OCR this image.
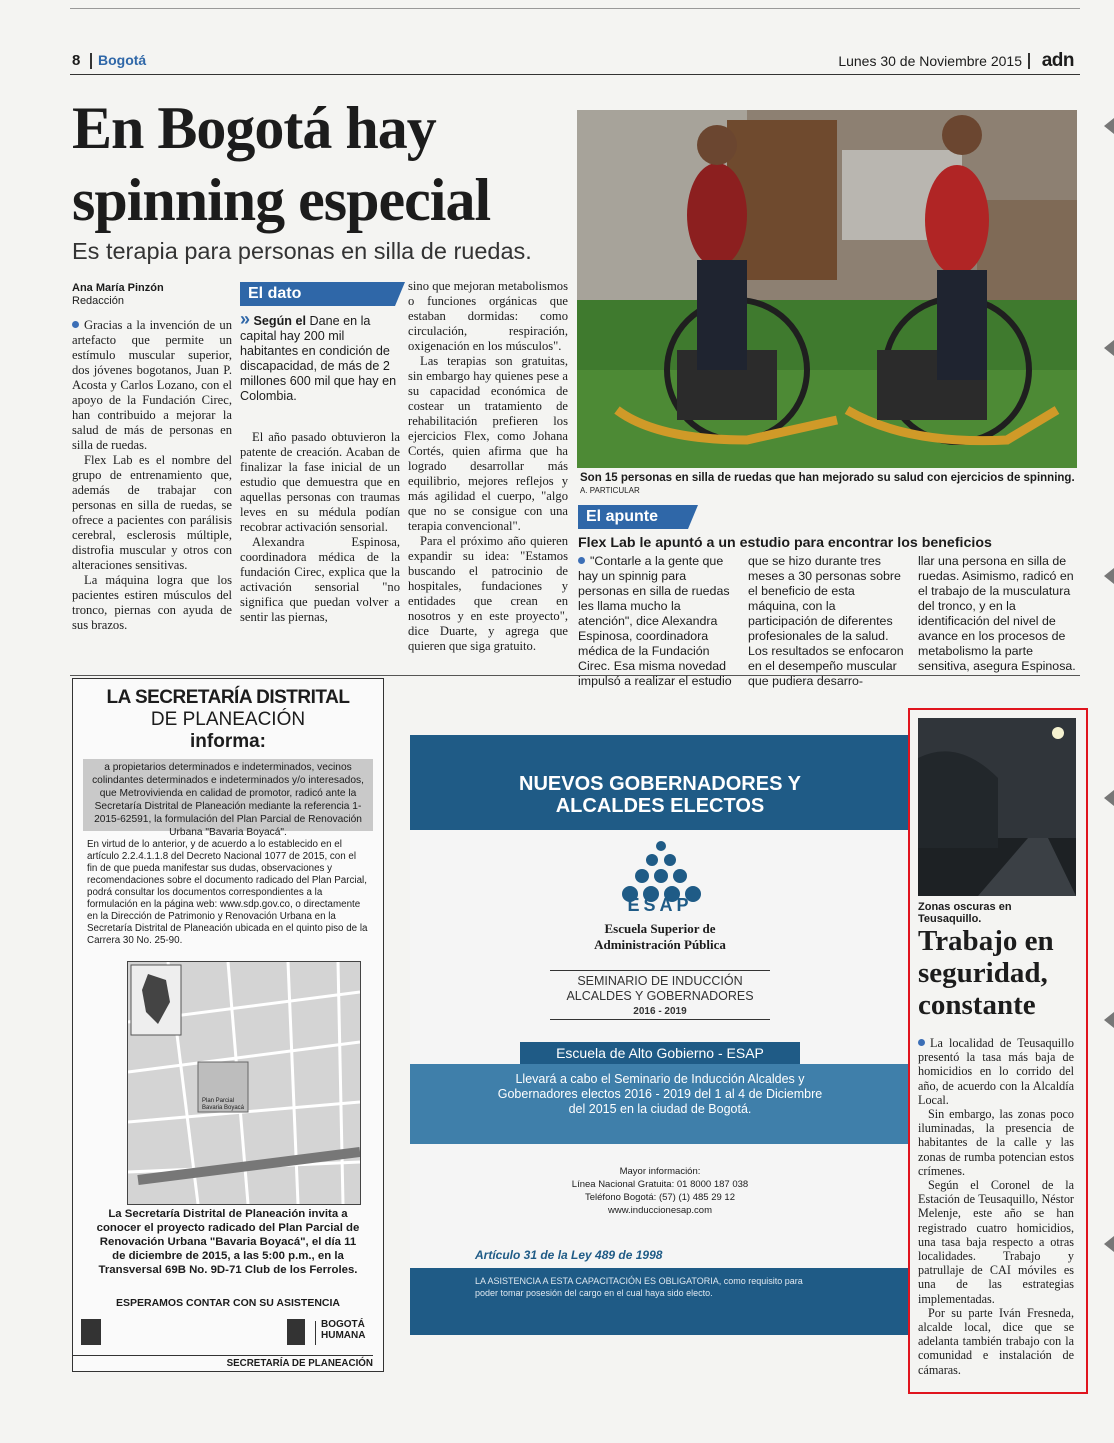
8 Bogotá	Lunes 30 de Noviembre 2015 adn
En Bogotá hay
spinning especial
Es terapia para personas en silla de ruedas.
Ana María Pinzón
Redacción

Gracias a la invención de un artefacto que permite un estímulo muscular superior, dos jóvenes bogotanos, Juan P. Acosta y Carlos Lozano, con el apoyo de la Fundación Cirec, han contribuido a mejorar la salud de más de personas en silla de ruedas.

Flex Lab es el nombre del grupo de entrenamiento que, además de trabajar con personas en silla de ruedas, se ofrece a pacientes con parálisis cerebral, esclerosis múltiple, distrofia muscular y otros con alteraciones sensitivas.

La máquina logra que los pacientes estiren músculos del tronco, piernas con ayuda de sus brazos.

El dato
» Según el Dane en la capital hay 200 mil habitantes en condición de discapacidad, de más de 2 millones 600 mil que hay en Colombia.

El año pasado obtuvieron la patente de creación. Acaban de finalizar la fase inicial de un estudio que demuestra que en aquellas personas con traumas leves en su médula podían recobrar activación sensorial.

Alexandra Espinosa, coordinadora médica de la fundación Cirec, explica que la activación sensorial "no significa que puedan volver a sentir las piernas,

sino que mejoran metabolismos o funciones orgánicas que estaban dormidas: como circulación, respiración, oxigenación en los músculos".

Las terapias son gratuitas, sin embargo hay quienes pese a su capacidad económica de costear un tratamiento de rehabilitación prefieren los ejercicios Flex, como Johana Cortés, quien afirma que ha logrado desarrollar más equilibrio, mejores reflejos y más agilidad el cuerpo, "algo que no se consigue con una terapia convencional".

Para el próximo año quieren expandir su idea: "Estamos buscando el patrocinio de hospitales, fundaciones y entidades que crean en nosotros y en este proyecto", dice Duarte, y agrega que quieren que siga gratuito.

Son 15 personas en silla de ruedas que han mejorado su salud con ejercicios de spinning. A. PARTICULAR
El apunte
Flex Lab le apuntó a un estudio para encontrar los beneficios
"Contarle a la gente que hay un spinnig para personas en silla de ruedas les llama mucho la atención", dice Alexandra Espinosa, coordinadora médica de la Fundación Cirec. Esa misma novedad impulsó a realizar el estudio
que se hizo durante tres meses a 30 personas sobre el beneficio de esta máquina, con la participación de diferentes profesionales de la salud. Los resultados se enfocaron en el desempeño muscular que pudiera desarro-
llar una persona en silla de ruedas. Asimismo, radicó en el trabajo de la musculatura del tronco, y en la identificación del nivel de avance en los procesos de metabolismo la parte sensitiva, asegura Espinosa.
LA SECRETARÍA DISTRITAL
DE PLANEACIÓN
informa:
a propietarios determinados e indeterminados, vecinos colindantes determinados e indeterminados y/o interesados, que Metrovivienda en calidad de promotor, radicó ante la Secretaría Distrital de Planeación mediante la referencia 1-2015-62591, la formulación del Plan Parcial de Renovación Urbana "Bavaria Boyacá".
En virtud de lo anterior, y de acuerdo a lo establecido en el artículo 2.2.4.1.1.8 del Decreto Nacional 1077 de 2015, con el fin de que pueda manifestar sus dudas, observaciones y recomendaciones sobre el documento radicado del Plan Parcial, podrá consultar los documentos correspondientes a la formulación en la página web: www.sdp.gov.co, o directamente en la Dirección de Patrimonio y Renovación Urbana en la Secretaría Distrital de Planeación ubicada en el quinto piso de la Carrera 30 No. 25-90.
Plan Parcial Bavaria Boyacá
La Secretaría Distrital de Planeación invita a conocer el proyecto radicado del Plan Parcial de Renovación Urbana "Bavaria Boyacá", el día 11 de diciembre de 2015, a las 5:00 p.m., en la Transversal 69B No. 9D-71 Club de los Ferroles.
ESPERAMOS CONTAR CON SU ASISTENCIA
BOGOTÁ HUMANA
SECRETARÍA DE PLANEACIÓN
NUEVOS GOBERNADORES Y
ALCALDES ELECTOS
ESAP
Escuela Superior de
Administración Pública
SEMINARIO DE INDUCCIÓN
ALCALDES Y GOBERNADORES
2016 - 2019
Escuela de Alto Gobierno - ESAP
Llevará a cabo el Seminario de Inducción Alcaldes y Gobernadores electos 2016 - 2019 del 1 al 4 de Diciembre del 2015 en la ciudad de Bogotá.
Mayor información:
Línea Nacional Gratuita: 01 8000 187 038
Teléfono Bogotá: (57) (1) 485 29 12
www.induccionesap.com
Artículo 31 de la Ley 489 de 1998
LA ASISTENCIA A ESTA CAPACITACIÓN ES OBLIGATORIA, como requisito para poder tomar posesión del cargo en el cual haya sido electo.
Zonas oscuras en Teusaquillo.
Trabajo en
seguridad,
constante

La localidad de Teusaquillo presentó la tasa más baja de homicidios en lo corrido del año, de acuerdo con la Alcaldía Local.

Sin embargo, las zonas poco iluminadas, la presencia de habitantes de la calle y las zonas de rumba potencian estos crímenes.

Según el Coronel de la Estación de Teusaquillo, Néstor Melenje, este año se han registrado cuatro homicidios, una tasa baja respecto a otras localidades. Trabajo y patrullaje de CAI móviles es una de las estrategias implementadas.

Por su parte Iván Fresneda, alcalde local, dice que se adelanta también trabajo con la comunidad e instalación de cámaras.
